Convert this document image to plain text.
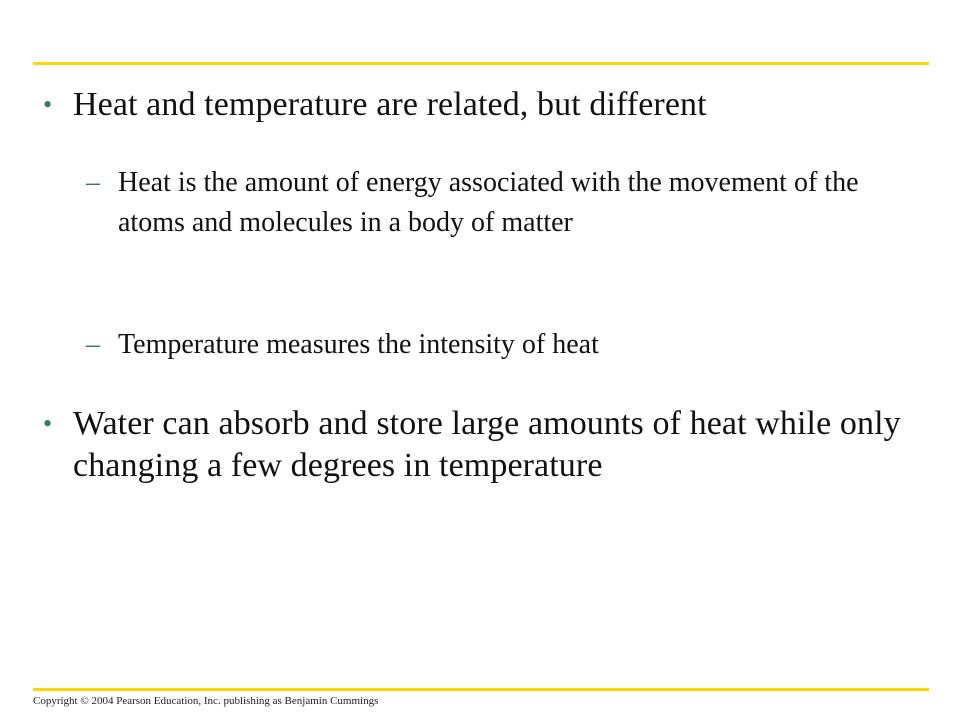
• Heat and temperature are related, but different
– Heat is the amount of energy associated with the movement of the atoms and molecules in a body of matter
– Temperature measures the intensity of heat
• Water can absorb and store large amounts of heat while only changing a few degrees in temperature
Copyright © 2004 Pearson Education, Inc. publishing as Benjamin Cummings
